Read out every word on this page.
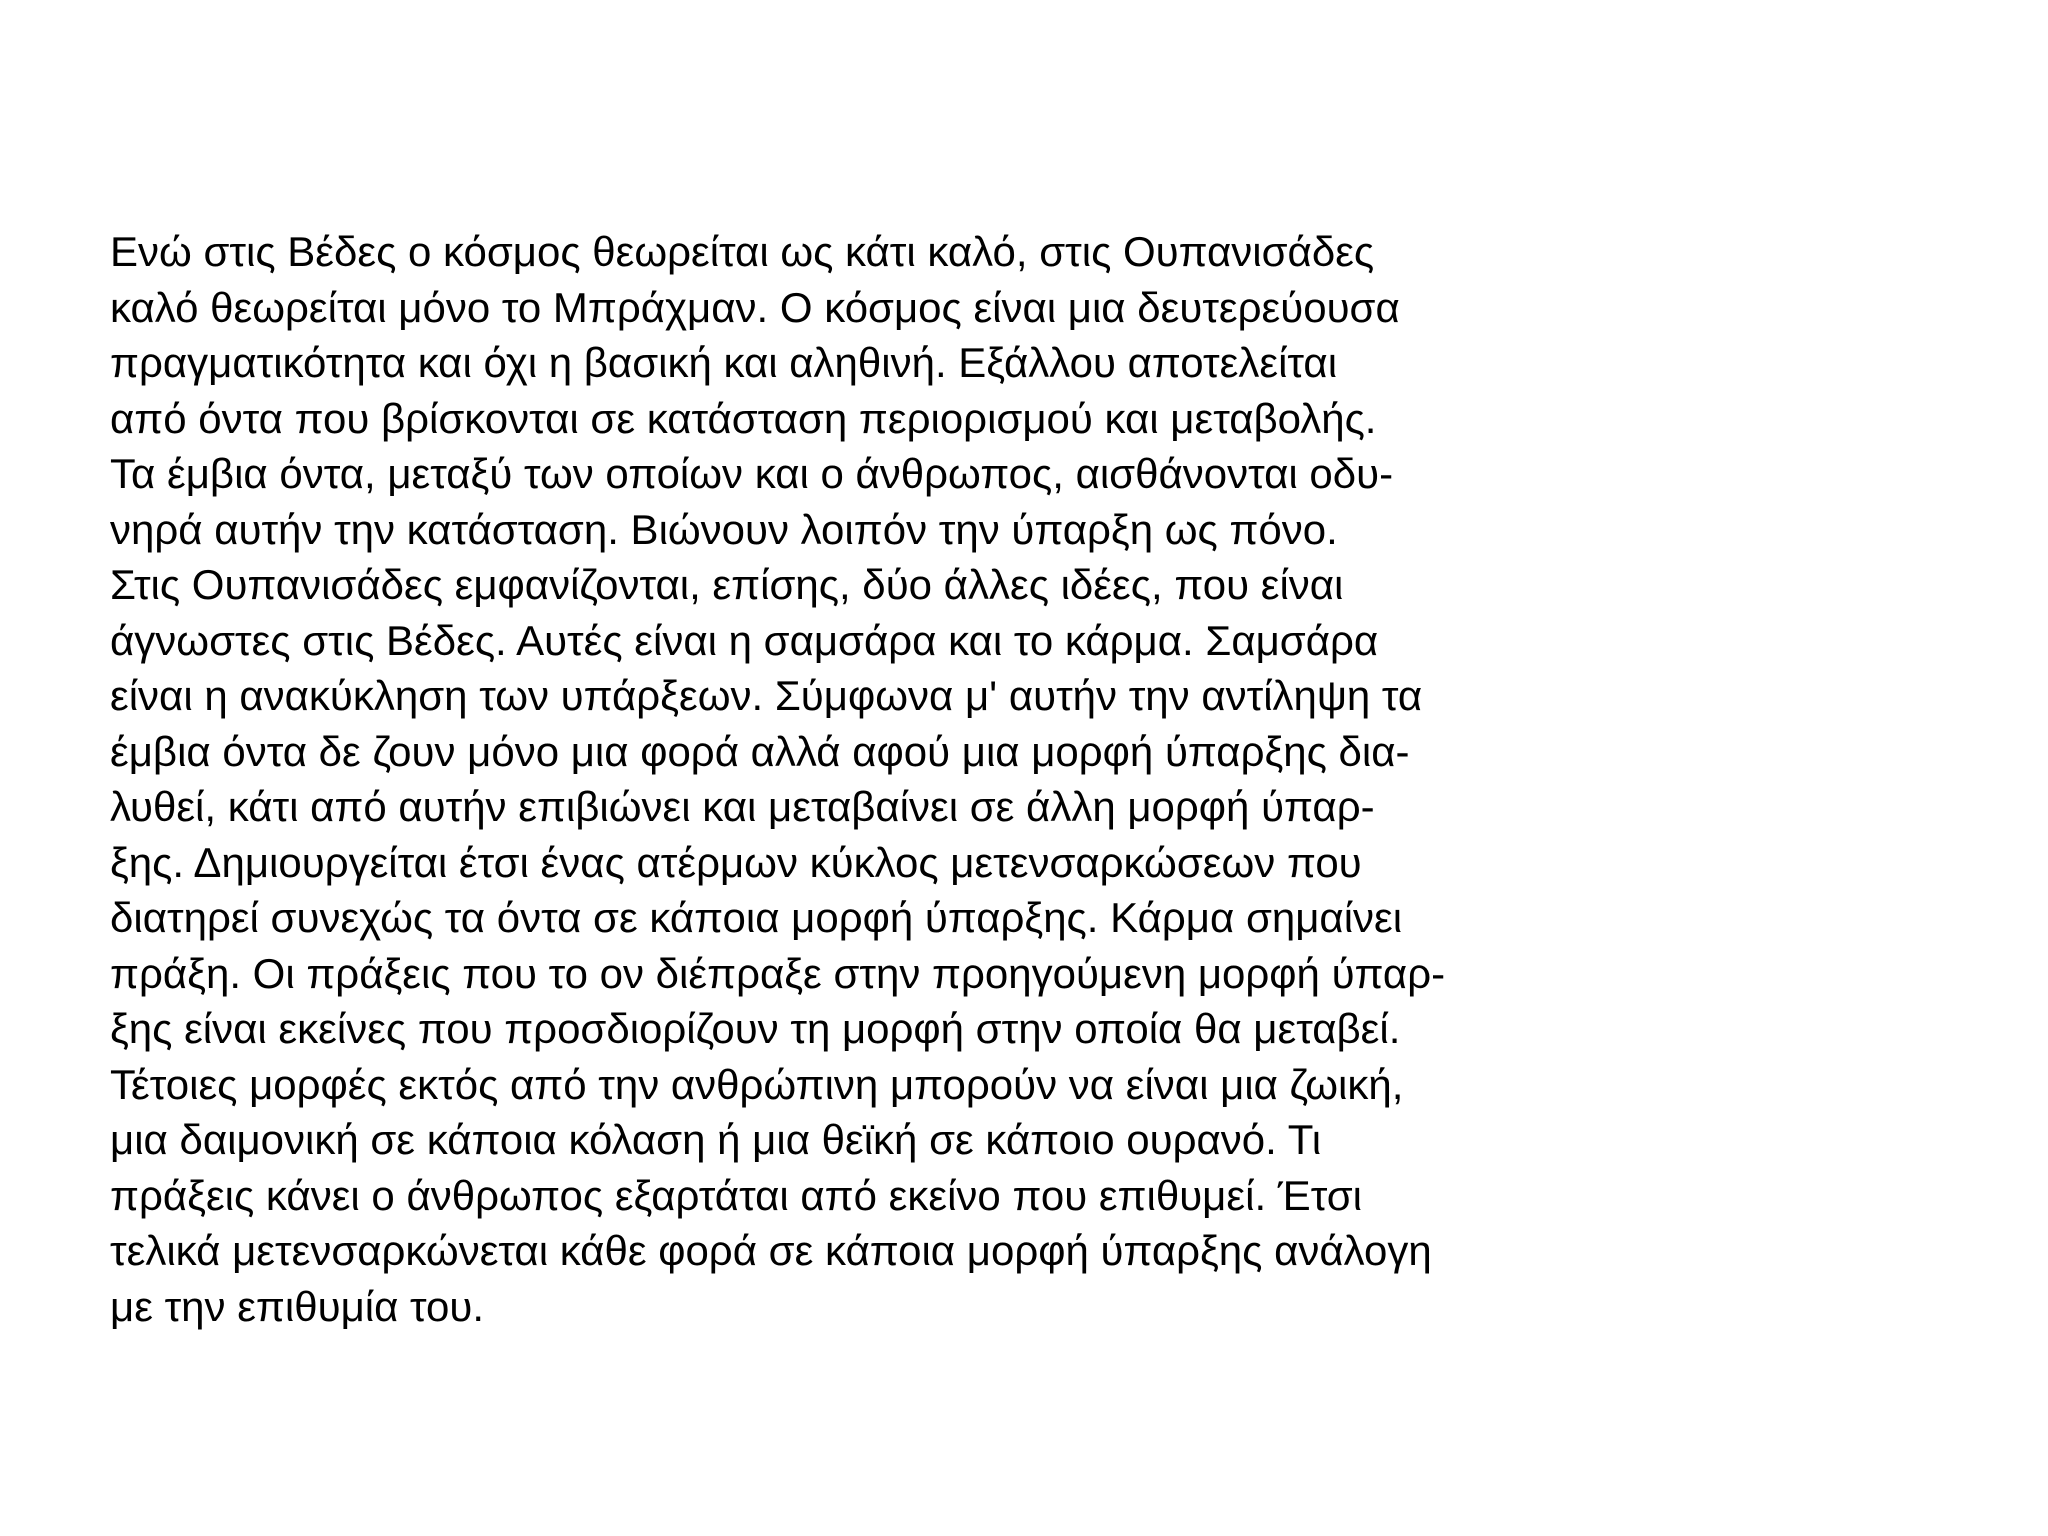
Ενώ στις Βέδες ο κόσμος θεωρείται ως κάτι καλό, στις Ουπανισάδες
καλό θεωρείται μόνο το Μπράχμαν. Ο κόσμος είναι μια δευτερεύουσα
πραγματικότητα και όχι η βασική και αληθινή. Εξάλλου αποτελείται
από όντα που βρίσκονται σε κατάσταση περιορισμού και μεταβολής.
Τα έμβια όντα, μεταξύ των οποίων και ο άνθρωπος, αισθάνονται οδυ-
νηρά αυτήν την κατάσταση. Βιώνουν λοιπόν την ύπαρξη ως πόνο.
Στις Ουπανισάδες εμφανίζονται, επίσης, δύο άλλες ιδέες, που είναι
άγνωστες στις Βέδες. Αυτές είναι η σαμσάρα και το κάρμα. Σαμσάρα
είναι η ανακύκληση των υπάρξεων. Σύμφωνα μ' αυτήν την αντίληψη τα
έμβια όντα δε ζουν μόνο μια φορά αλλά αφού μια μορφή ύπαρξης δια-
λυθεί, κάτι από αυτήν επιβιώνει και μεταβαίνει σε άλλη μορφή ύπαρ-
ξης. Δημιουργείται έτσι ένας ατέρμων κύκλος μετενσαρκώσεων που
διατηρεί συνεχώς τα όντα σε κάποια μορφή ύπαρξης. Κάρμα σημαίνει
πράξη. Οι πράξεις που το ον διέπραξε στην προηγούμενη μορφή ύπαρ-
ξης είναι εκείνες που προσδιορίζουν τη μορφή στην οποία θα μεταβεί.
Τέτοιες μορφές εκτός από την ανθρώπινη μπορούν να είναι μια ζωική,
μια δαιμονική σε κάποια κόλαση ή μια θεϊκή σε κάποιο ουρανό. Τι
πράξεις κάνει ο άνθρωπος εξαρτάται από εκείνο που επιθυμεί. Έτσι
τελικά μετενσαρκώνεται κάθε φορά σε κάποια μορφή ύπαρξης ανάλογη
με την επιθυμία του.
